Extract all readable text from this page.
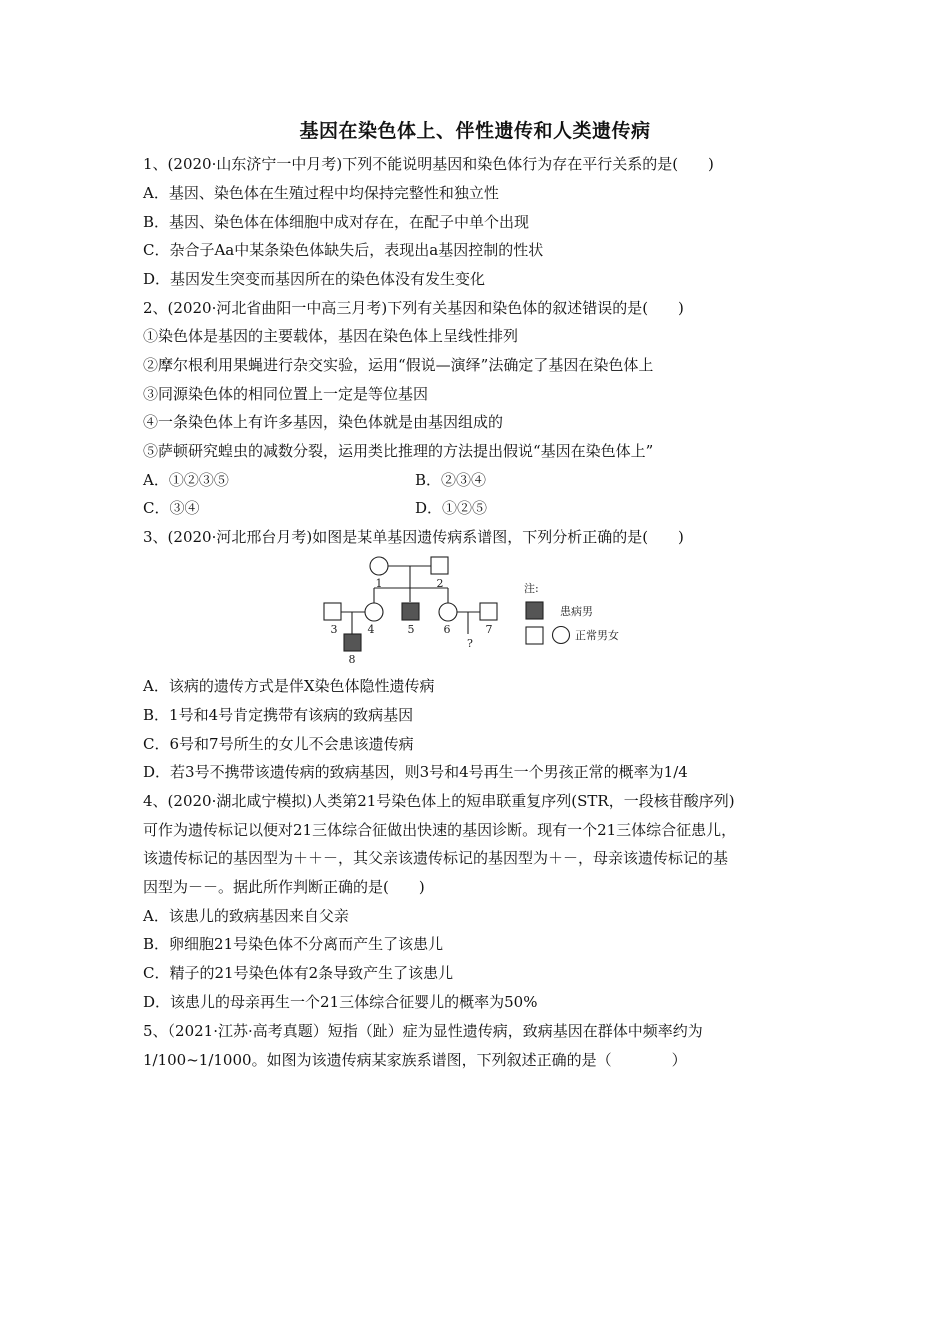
基因在染色体上、伴性遗传和人类遗传病
1、(2020·山东济宁一中月考)下列不能说明基因和染色体行为存在平行关系的是(　　)
A．基因、染色体在生殖过程中均保持完整性和独立性
B．基因、染色体在体细胞中成对存在，在配子中单个出现
C．杂合子Aa中某条染色体缺失后，表现出a基因控制的性状
D．基因发生突变而基因所在的染色体没有发生变化
2、(2020·河北省曲阳一中高三月考)下列有关基因和染色体的叙述错误的是(　　)
①染色体是基因的主要载体，基因在染色体上呈线性排列
②摩尔根利用果蝇进行杂交实验，运用“假说—演绎”法确定了基因在染色体上
③同源染色体的相同位置上一定是等位基因
④一条染色体上有许多基因，染色体就是由基因组成的
⑤萨顿研究蝗虫的减数分裂，运用类比推理的方法提出假说“基因在染色体上”
A．①②③⑤	B．②③④
C．③④	D．①②⑤
3、(2020·河北邢台月考)如图是某单基因遗传病系谱图，下列分析正确的是(　　)
1	2
3	4	5	6	7
8
?
注:
患病男
正常男女
A．该病的遗传方式是伴X染色体隐性遗传病
B．1号和4号肯定携带有该病的致病基因
C．6号和7号所生的女儿不会患该遗传病
D．若3号不携带该遗传病的致病基因，则3号和4号再生一个男孩正常的概率为1/4
4、(2020·湖北咸宁模拟)人类第21号染色体上的短串联重复序列(STR，一段核苷酸序列)
可作为遗传标记以便对21三体综合征做出快速的基因诊断。现有一个21三体综合征患儿，
该遗传标记的基因型为＋＋－，其父亲该遗传标记的基因型为＋－，母亲该遗传标记的基
因型为－－。据此所作判断正确的是(　　)
A．该患儿的致病基因来自父亲
B．卵细胞21号染色体不分离而产生了该患儿
C．精子的21号染色体有2条导致产生了该患儿
D．该患儿的母亲再生一个21三体综合征婴儿的概率为50%
5、（2021·江苏·高考真题）短指（趾）症为显性遗传病，致病基因在群体中频率约为
1/100~1/1000。如图为该遗传病某家族系谱图，下列叙述正确的是（　　　　）
